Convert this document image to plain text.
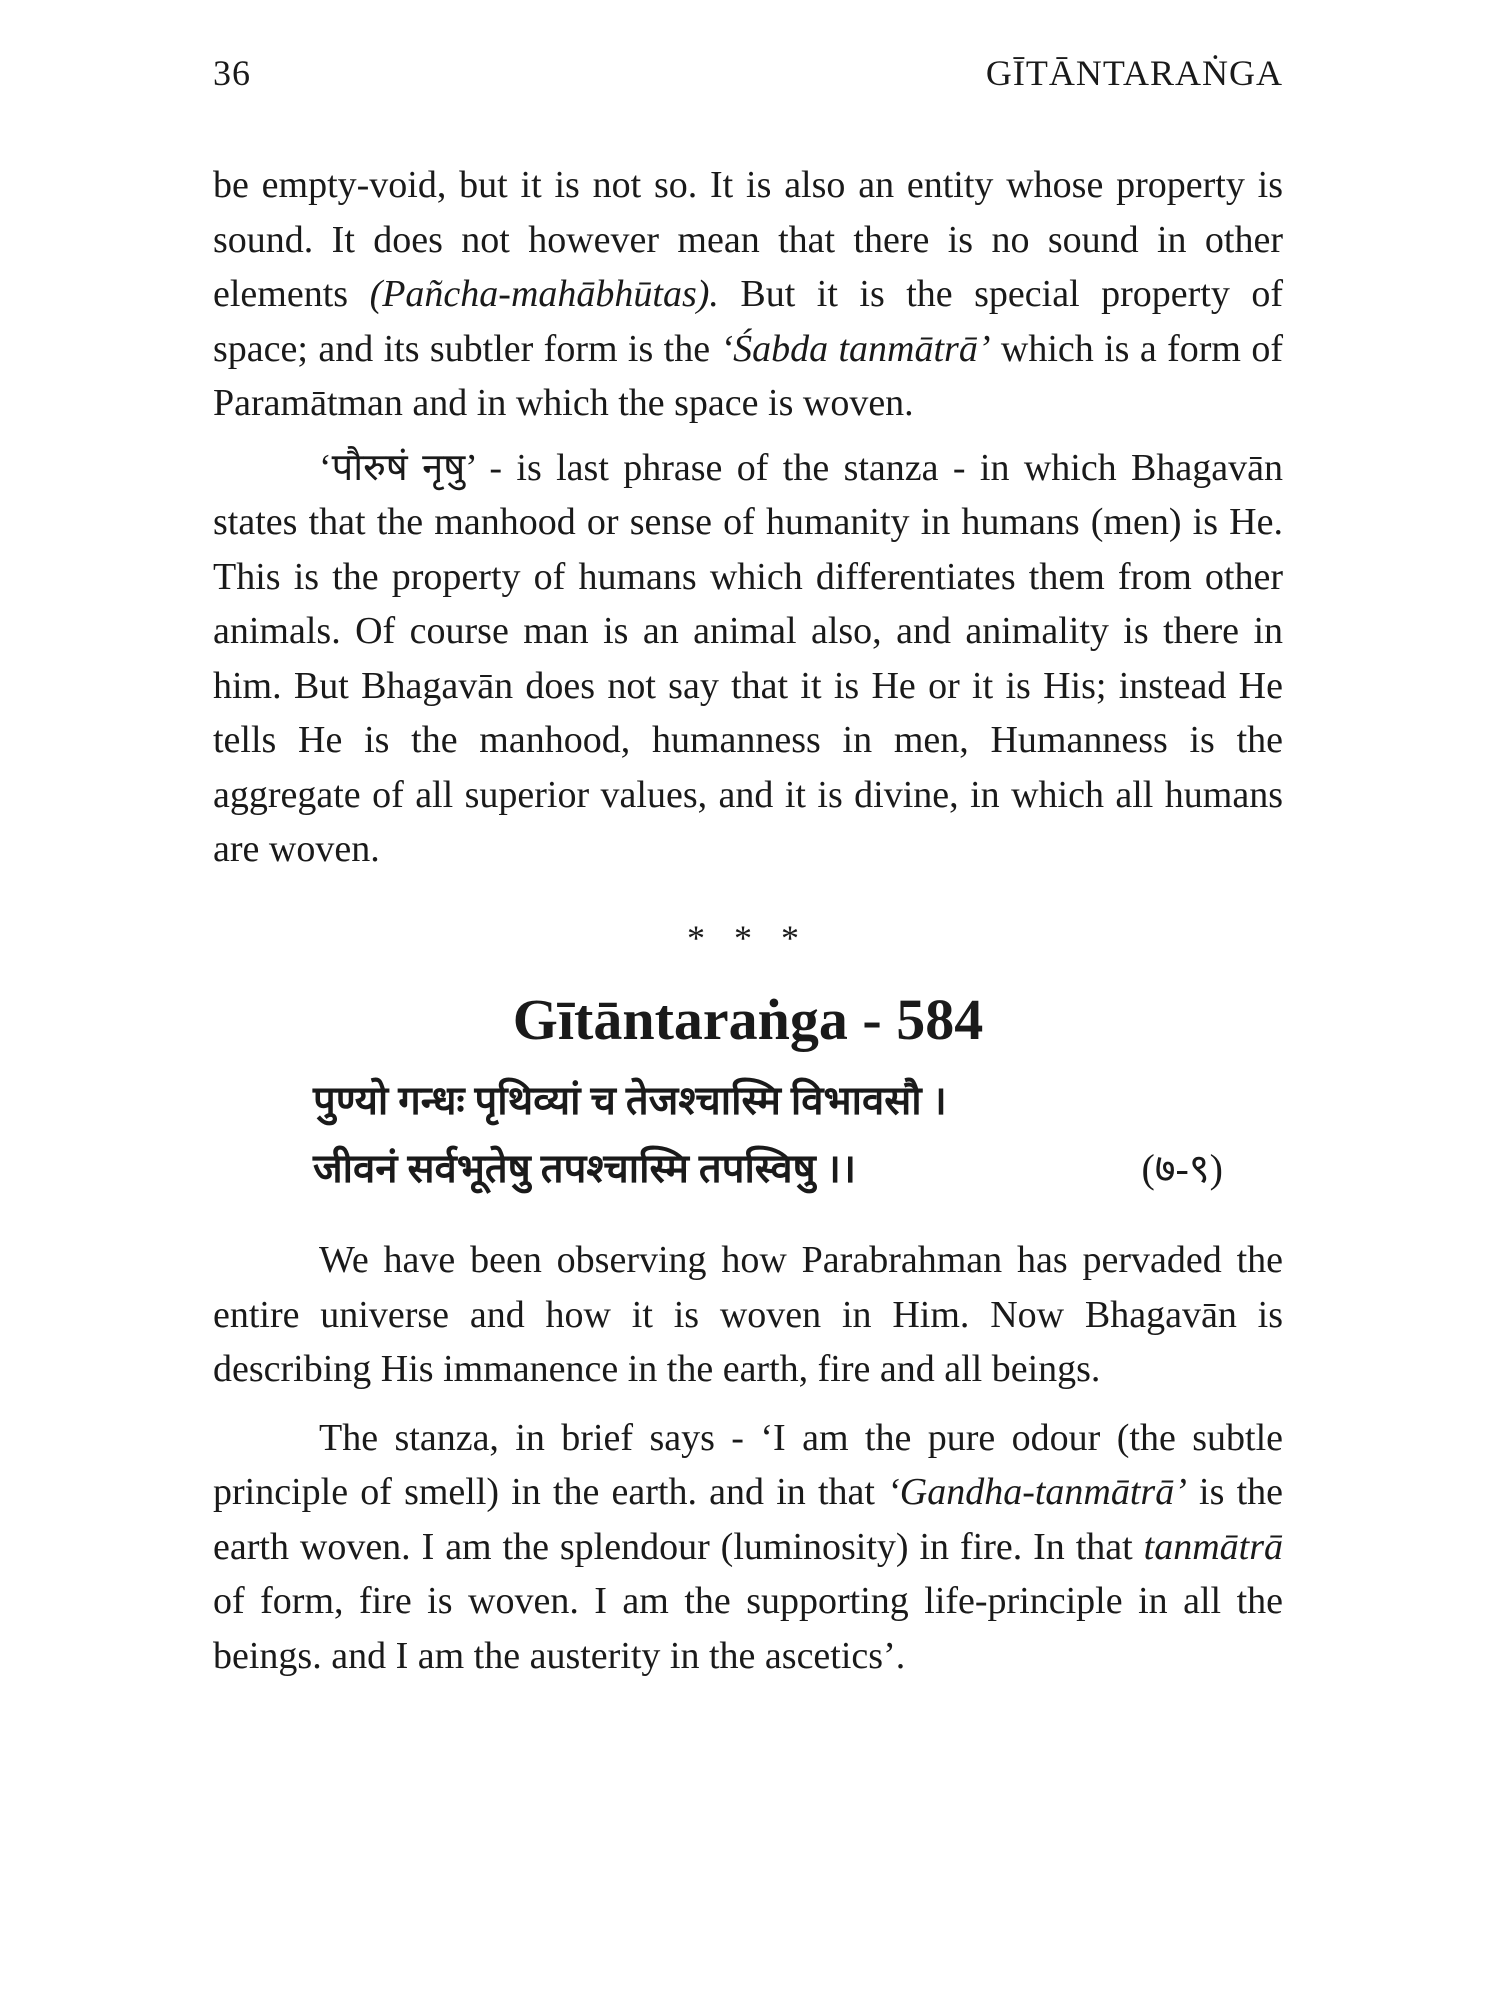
36	GĪTĀNTARAṄGA

be empty-void, but it is not so. It is also an entity whose property is sound. It does not however mean that there is no sound in other elements (Pañcha-mahābhūtas). But it is the special property of space; and its subtler form is the ‘Śabda tanmātrā’ which is a form of Paramātman and in which the space is woven.

‘पौरुषं नृषु’ - is last phrase of the stanza - in which Bhagavān states that the manhood or sense of humanity in humans (men) is He. This is the property of humans which differentiates them from other animals. Of course man is an animal also, and animality is there in him. But Bhagavān does not say that it is He or it is His; instead He tells He is the manhood, humanness in men, Humanness is the aggregate of all superior values, and it is divine, in which all humans are woven.

* * *

Gītāntaraṅga - 584

पुण्यो गन्धः पृथिव्यां च तेजश्चास्मि विभावसौ ।
जीवनं सर्वभूतेषु तपश्चास्मि तपस्विषु ।।	(७-९)

We have been observing how Parabrahman has pervaded the entire universe and how it is woven in Him. Now Bhagavān is describing His immanence in the earth, fire and all beings.

The stanza, in brief says - ‘I am the pure odour (the subtle principle of smell) in the earth. and in that ‘Gandha-tanmātrā’ is the earth woven. I am the splendour (luminosity) in fire. In that tanmātrā of form, fire is woven. I am the supporting life-principle in all the beings. and I am the austerity in the ascetics’.
